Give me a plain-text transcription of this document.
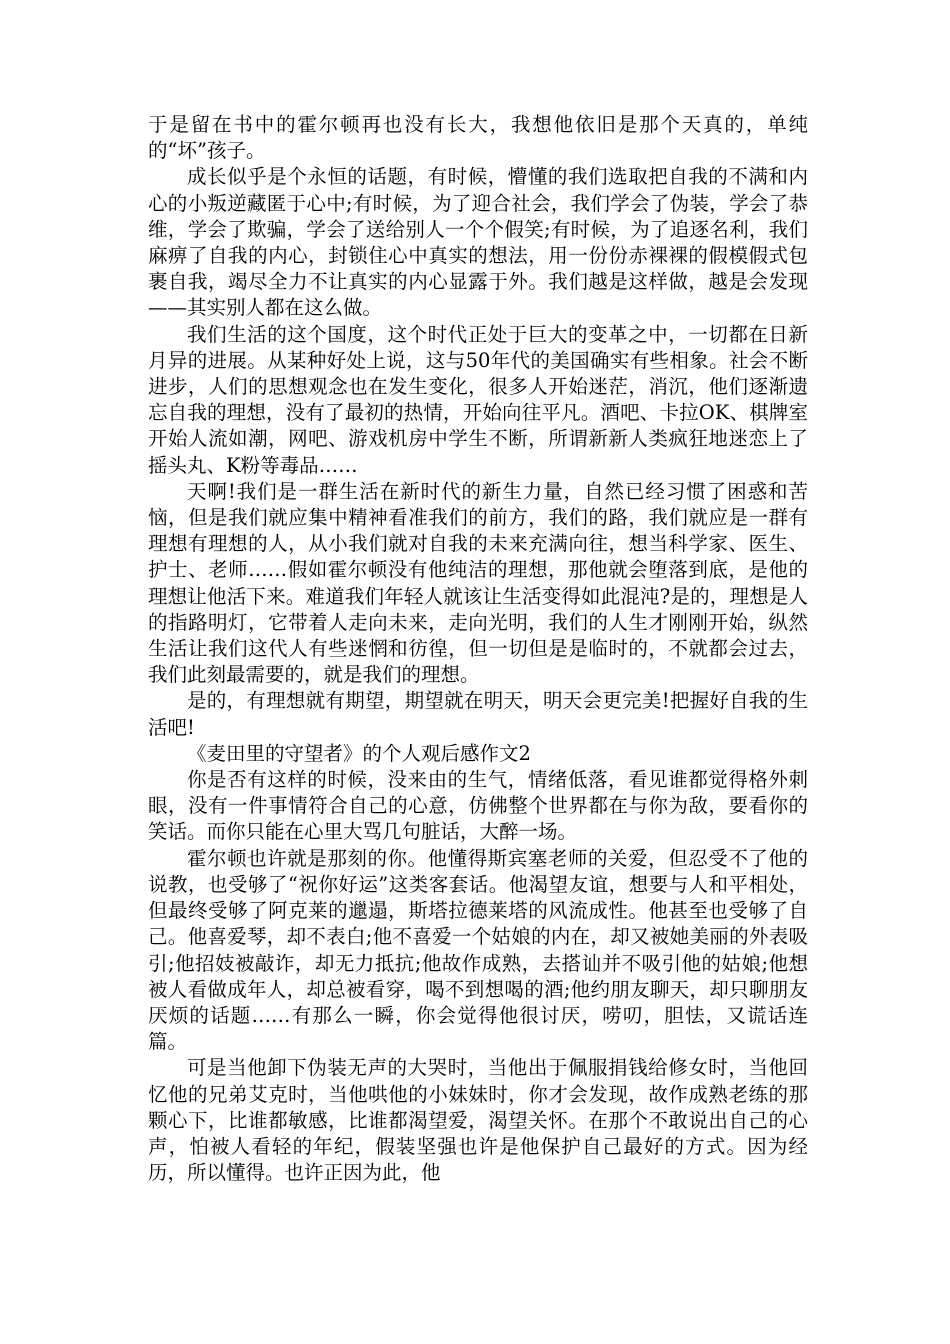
于是留在书中的霍尔顿再也没有长大，我想他依旧是那个天真的，单纯的“坏”孩子。

成长似乎是个永恒的话题，有时候，懵懂的我们选取把自我的不满和内心的小叛逆藏匿于心中;有时候，为了迎合社会，我们学会了伪装，学会了恭维，学会了欺骗，学会了送给别人一个个假笑;有时候，为了追逐名利，我们麻痹了自我的内心，封锁住心中真实的想法，用一份份赤裸裸的假模假式包裹自我，竭尽全力不让真实的内心显露于外。我们越是这样做，越是会发现——其实别人都在这么做。

我们生活的这个国度，这个时代正处于巨大的变革之中，一切都在日新月异的进展。从某种好处上说，这与50年代的美国确实有些相象。社会不断进步，人们的思想观念也在发生变化，很多人开始迷茫，消沉，他们逐渐遗忘自我的理想，没有了最初的热情，开始向往平凡。酒吧、卡拉OK、棋牌室开始人流如潮，网吧、游戏机房中学生不断，所谓新新人类疯狂地迷恋上了摇头丸、K粉等毒品……

天啊!我们是一群生活在新时代的新生力量，自然已经习惯了困惑和苦恼，但是我们就应集中精神看准我们的前方，我们的路，我们就应是一群有理想有理想的人，从小我们就对自我的未来充满向往，想当科学家、医生、护士、老师……假如霍尔顿没有他纯洁的理想，那他就会堕落到底，是他的理想让他活下来。难道我们年轻人就该让生活变得如此混沌?是的，理想是人的指路明灯，它带着人走向未来，走向光明，我们的人生才刚刚开始，纵然生活让我们这代人有些迷惘和彷徨，但一切但是是临时的，不就都会过去，我们此刻最需要的，就是我们的理想。

是的，有理想就有期望，期望就在明天，明天会更完美!把握好自我的生活吧!

《麦田里的守望者》的个人观后感作文2

你是否有这样的时候，没来由的生气，情绪低落，看见谁都觉得格外刺眼，没有一件事情符合自己的心意，仿佛整个世界都在与你为敌，要看你的笑话。而你只能在心里大骂几句脏话，大醉一场。

霍尔顿也许就是那刻的你。他懂得斯宾塞老师的关爱，但忍受不了他的说教，也受够了“祝你好运”这类客套话。他渴望友谊，想要与人和平相处，但最终受够了阿克莱的邋遢，斯塔拉德莱塔的风流成性。他甚至也受够了自己。他喜爱琴，却不表白;他不喜爱一个姑娘的内在，却又被她美丽的外表吸引;他招妓被敲诈，却无力抵抗;他故作成熟，去搭讪并不吸引他的姑娘;他想被人看做成年人，却总被看穿，喝不到想喝的酒;他约朋友聊天，却只聊朋友厌烦的话题……有那么一瞬，你会觉得他很讨厌，唠叨，胆怯，又谎话连篇。

可是当他卸下伪装无声的大哭时，当他出于佩服捐钱给修女时，当他回忆他的兄弟艾克时，当他哄他的小妹妹时，你才会发现，故作成熟老练的那颗心下，比谁都敏感，比谁都渴望爱，渴望关怀。在那个不敢说出自己的心声，怕被人看轻的年纪，假装坚强也许是他保护自己最好的方式。因为经历，所以懂得。也许正因为此，他
